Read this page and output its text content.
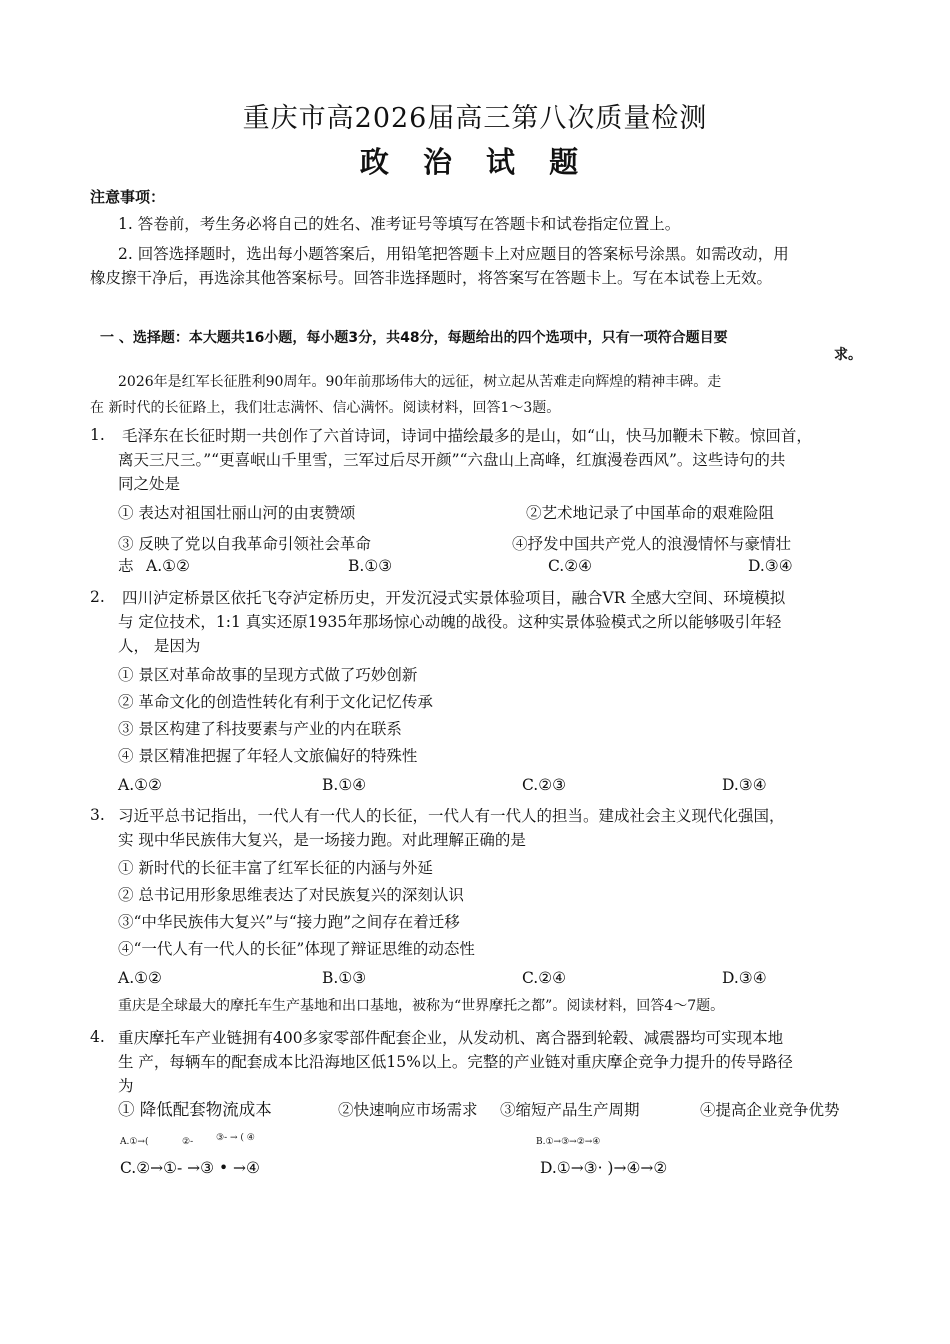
重庆市高2026届高三第八次质量检测
政 治 试 题
注意事项：
1. 答卷前，考生务必将自己的姓名、准考证号等填写在答题卡和试卷指定位置上。
2. 回答选择题时，选出每小题答案后，用铅笔把答题卡上对应题目的答案标号涂黑。如需改动，用
橡皮擦干净后，再选涂其他答案标号。回答非选择题时，将答案写在答题卡上。写在本试卷上无效。
一 、选择题：本大题共16小题，每小题3分，共48分，每题给出的四个选项中，只有一项符合题目要
求。
2026年是红军长征胜利90周年。90年前那场伟大的远征，树立起从苦难走向辉煌的精神丰碑。走
在 新时代的长征路上，我们壮志满怀、信心满怀。阅读材料，回答1～3题。
1. 毛泽东在长征时期一共创作了六首诗词，诗词中描绘最多的是山，如“山，快马加鞭未下鞍。惊回首，
离天三尺三。”“更喜岷山千里雪，三军过后尽开颜”“六盘山上高峰，红旗漫卷西风”。这些诗句的共
同之处是
① 表达对祖国壮丽山河的由衷赞颂	②艺术地记录了中国革命的艰难险阻
③ 反映了党以自我革命引领社会革命	④抒发中国共产党人的浪漫情怀与豪情壮
志 A.①②	B.①③	C.②④	D.③④
2. 四川泸定桥景区依托飞夺泸定桥历史，开发沉浸式实景体验项目，融合VR 全感大空间、环境模拟
与 定位技术，1:1 真实还原1935年那场惊心动魄的战役。这种实景体验模式之所以能够吸引年轻
人， 是因为
① 景区对革命故事的呈现方式做了巧妙创新
② 革命文化的创造性转化有利于文化记忆传承
③ 景区构建了科技要素与产业的内在联系
④ 景区精准把握了年轻人文旅偏好的特殊性
A.①②	B.①④	C.②③	D.③④
3. 习近平总书记指出，一代人有一代人的长征，一代人有一代人的担当。建成社会主义现代化强国，
实 现中华民族伟大复兴，是一场接力跑。对此理解正确的是
① 新时代的长征丰富了红军长征的内涵与外延
② 总书记用形象思维表达了对民族复兴的深刻认识
③“中华民族伟大复兴”与“接力跑”之间存在着迁移
④“一代人有一代人的长征”体现了辩证思维的动态性
A.①②	B.①③	C.②④	D.③④
重庆是全球最大的摩托车生产基地和出口基地，被称为“世界摩托之都”。阅读材料，回答4～7题。
4. 重庆摩托车产业链拥有400多家零部件配套企业，从发动机、离合器到轮毂、减震器均可实现本地
生 产，每辆车的配套成本比沿海地区低15%以上。完整的产业链对重庆摩企竞争力提升的传导路径
为
① 降低配套物流成本	②快速响应市场需求 ③缩短产品生产周期	④提高企业竞争优势
A.①→(	②-	③- → ( ④	B.①→③→②→④
C.②→①- →③ • →④	D.①→③· )→④→②
